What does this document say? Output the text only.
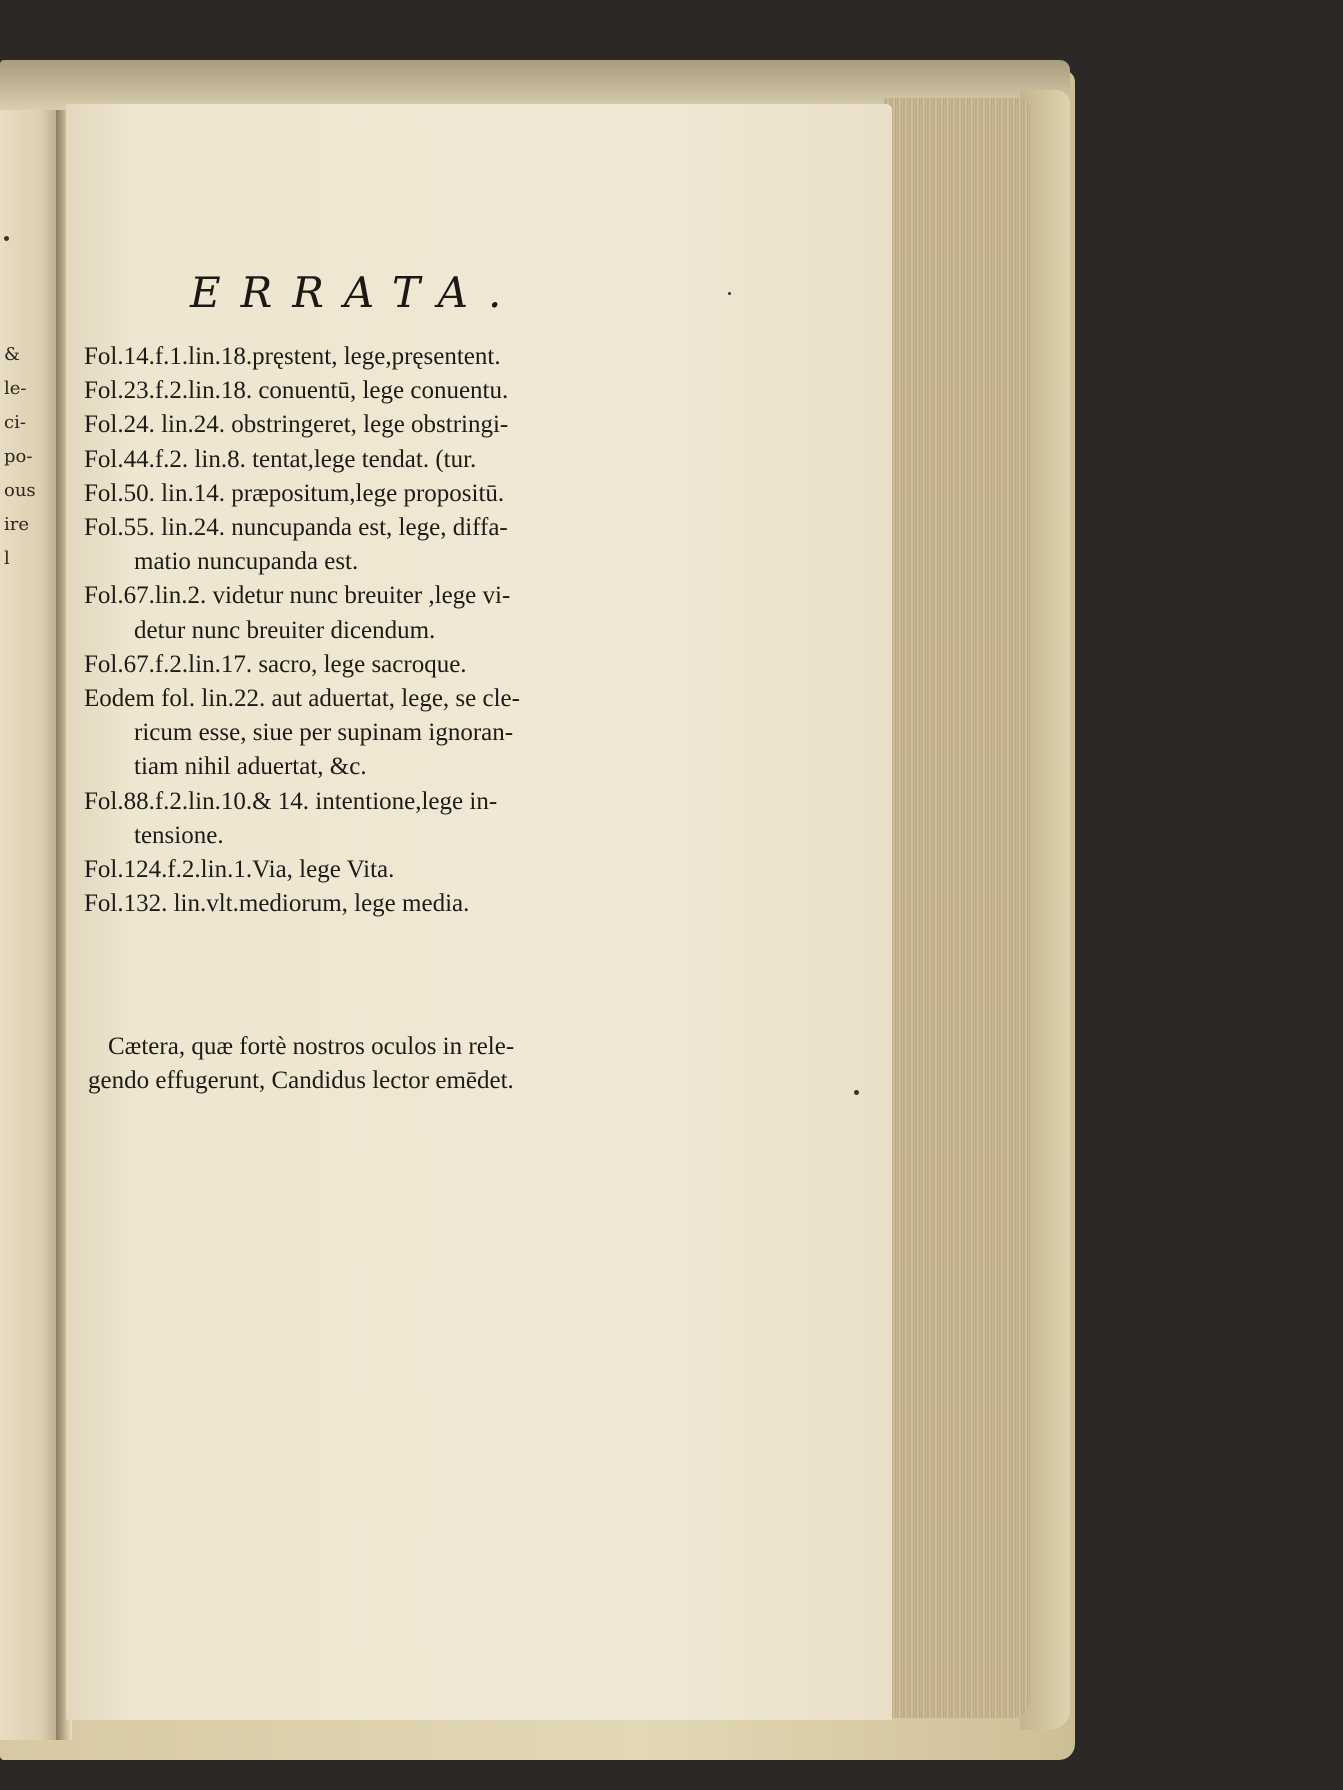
&
le-
ci-
po-
ous
ire
l
ERRATA.
Fol.14.f.1.lin.18.pręstent, lege,pręsentent.
Fol.23.f.2.lin.18. conuentū, lege conuentu.
Fol.24. lin.24. obstringeret, lege obstringi-
Fol.44.f.2. lin.8. tentat,lege tendat. (tur.
Fol.50. lin.14. præpositum,lege propositū.
Fol.55. lin.24. nuncupanda est, lege, diffa-
matio nuncupanda est.
Fol.67.lin.2. videtur nunc breuiter ,lege vi-
detur nunc breuiter dicendum.
Fol.67.f.2.lin.17. sacro, lege sacroque.
Eodem fol. lin.22. aut aduertat, lege, se cle-
ricum esse, siue per supinam ignoran-
tiam nihil aduertat, &c.
Fol.88.f.2.lin.10.& 14. intentione,lege in-
tensione.
Fol.124.f.2.lin.1.Via, lege Vita.
Fol.132. lin.vlt.mediorum, lege media.
Cætera, quæ fortè nostros oculos in rele-
gendo effugerunt, Candidus lector emēdet.
